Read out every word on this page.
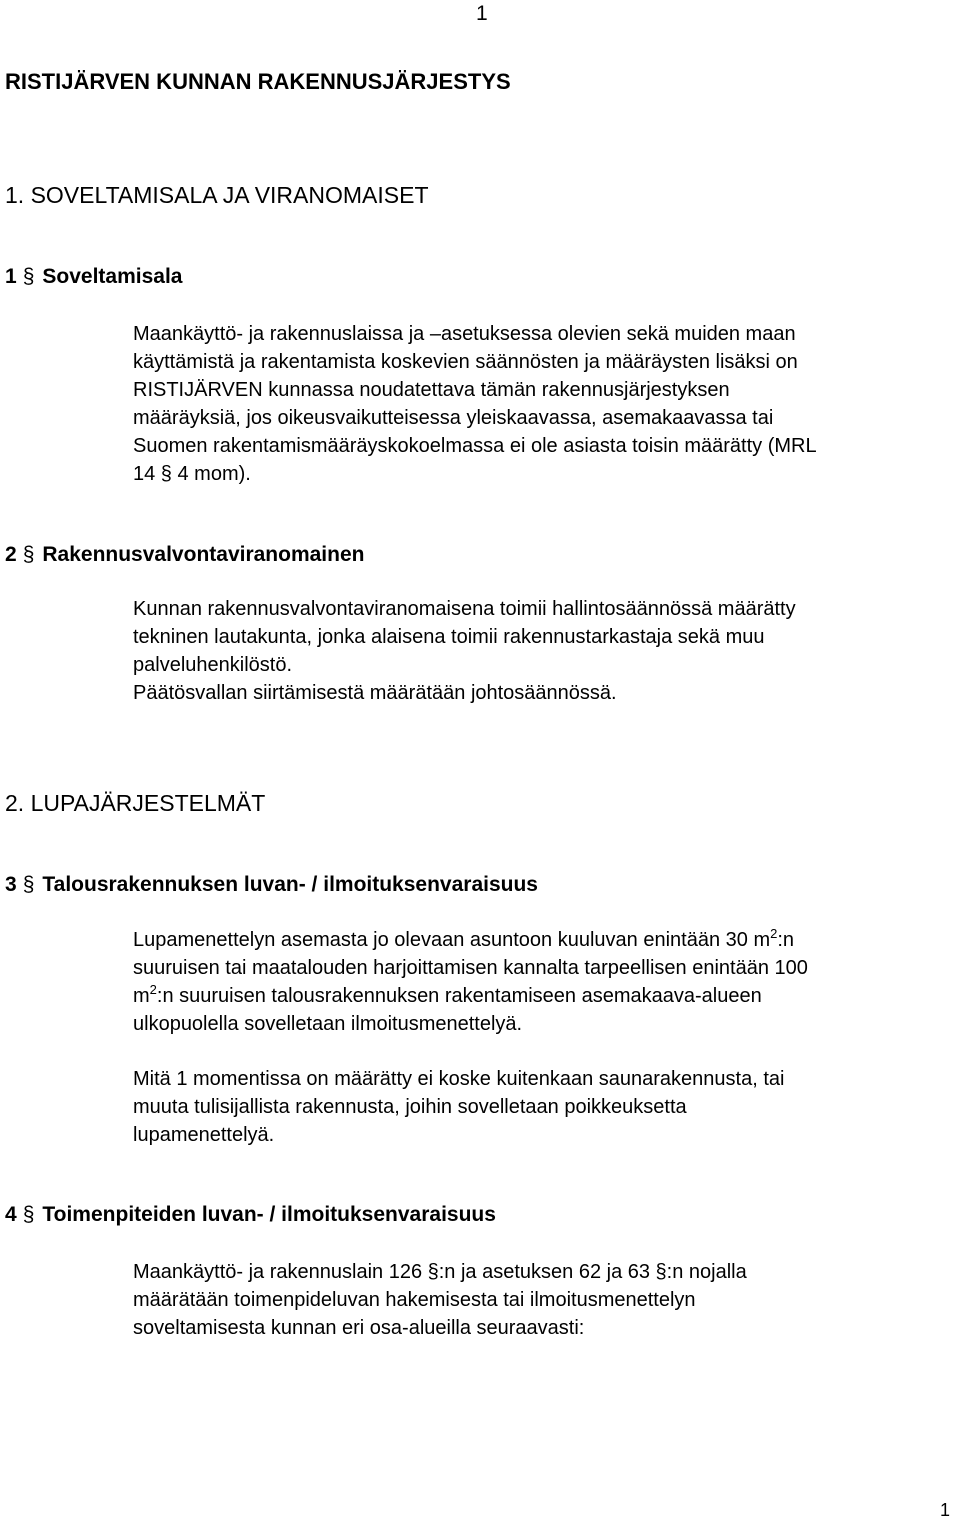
1
RISTIJÄRVEN KUNNAN RAKENNUSJÄRJESTYS
1. SOVELTAMISALA JA VIRANOMAISET
1 § Soveltamisala
Maankäyttö- ja rakennuslaissa ja –asetuksessa olevien sekä muiden maan
käyttämistä ja rakentamista koskevien säännösten ja määräysten lisäksi on
RISTIJÄRVEN kunnassa noudatettava tämän rakennusjärjestyksen
määräyksiä, jos oikeusvaikutteisessa yleiskaavassa, asemakaavassa tai
Suomen rakentamismääräyskokoelmassa ei ole asiasta toisin määrätty (MRL
14 § 4 mom).
2 § Rakennusvalvontaviranomainen
Kunnan rakennusvalvontaviranomaisena toimii hallintosäännössä määrätty
tekninen lautakunta, jonka alaisena toimii rakennustarkastaja sekä muu
palveluhenkilöstö.
Päätösvallan siirtämisestä määrätään johtosäännössä.
2. LUPAJÄRJESTELMÄT
3 § Talousrakennuksen luvan- / ilmoituksenvaraisuus
Lupamenettelyn asemasta jo olevaan asuntoon kuuluvan enintään 30 $m^2:n$
suuruisen tai maatalouden harjoittamisen kannalta tarpeellisen enintään 100
$m^2:n$ suuruisen talousrakennuksen rakentamiseen asemakaava-alueen
ulkopuolella sovelletaan ilmoitusmenettelyä.
Mitä 1 momentissa on määrätty ei koske kuitenkaan saunarakennusta, tai
muuta tulisijallista rakennusta, joihin sovelletaan poikkeuksetta
lupamenettelyä.
4 § Toimenpiteiden luvan- / ilmoituksenvaraisuus
Maankäyttö- ja rakennuslain 126 §:n ja asetuksen 62 ja 63 §:n nojalla
määrätään toimenpideluvan hakemisesta tai ilmoitusmenettelyn
soveltamisesta kunnan eri osa-alueilla seuraavasti:
1
